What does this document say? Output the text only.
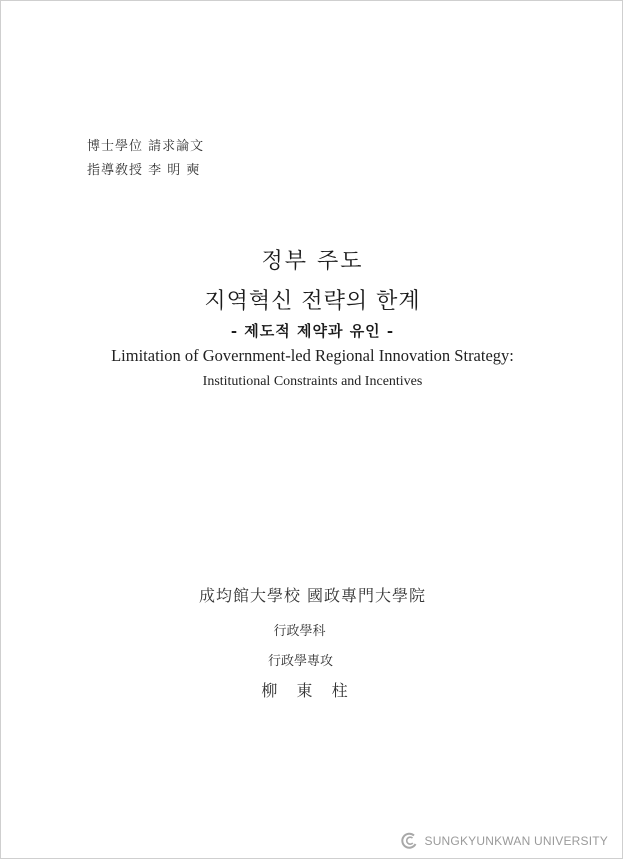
博士學位 請求論文
指導敎授 李 明 奭
정부 주도
지역혁신 전략의 한계
- 제도적 제약과 유인 -
Limitation of Government-led Regional Innovation Strategy:
Institutional Constraints and Incentives
成均館大學校 國政專門大學院
行政學科
行政學專攻
柳 東 柱
SUNGKYUNKWAN UNIVERSITY
